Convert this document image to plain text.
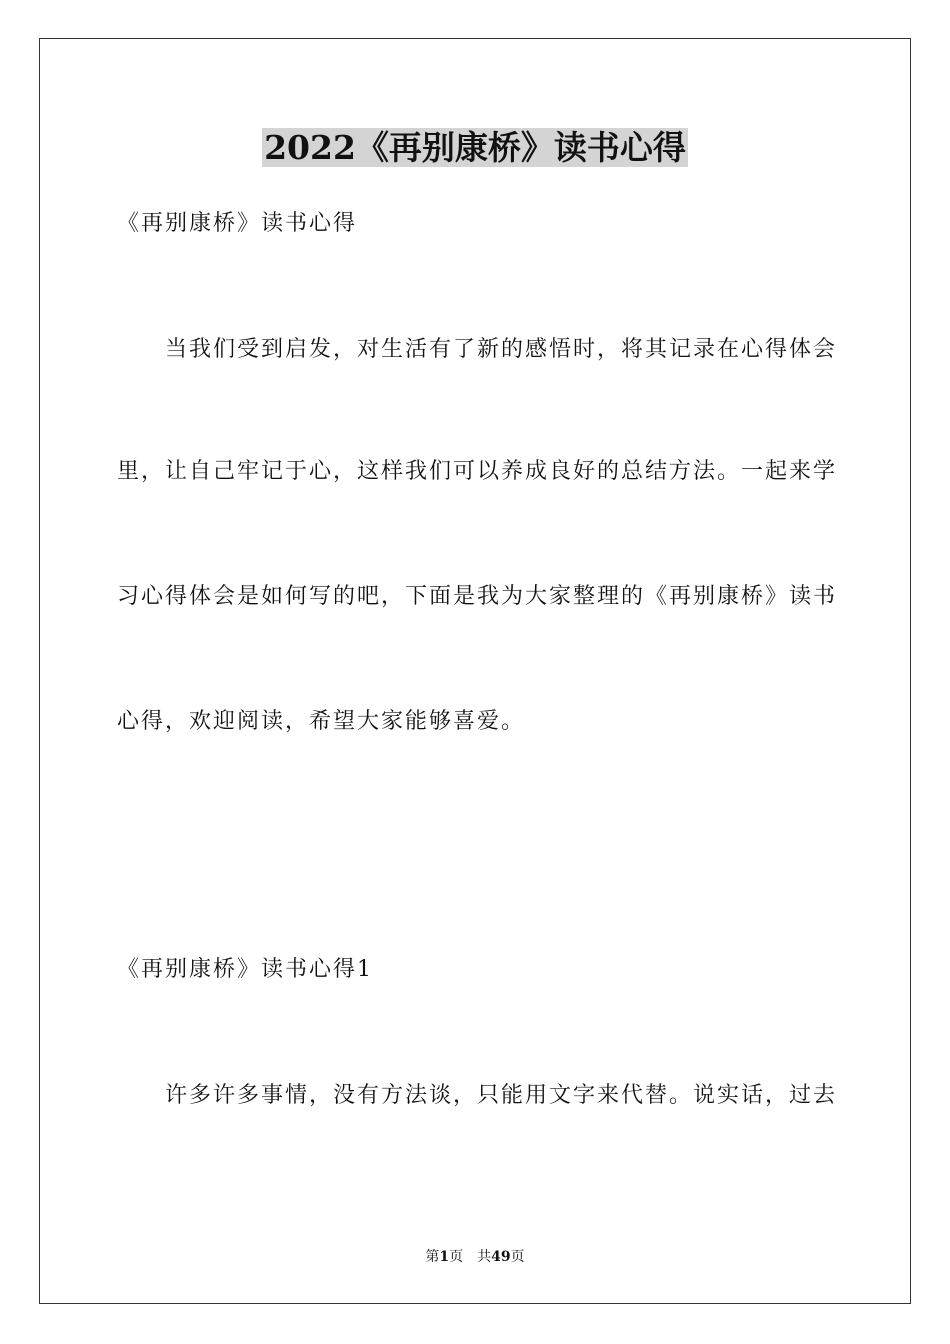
2022《再别康桥》读书心得
《再别康桥》读书心得
当我们受到启发，对生活有了新的感悟时，将其记录在心得体会
里，让自己牢记于心，这样我们可以养成良好的总结方法。一起来学
习心得体会是如何写的吧，下面是我为大家整理的《再别康桥》读书
心得，欢迎阅读，希望大家能够喜爱。
《再别康桥》读书心得1
许多许多事情，没有方法谈，只能用文字来代替。说实话，过去
第1页 共49页
